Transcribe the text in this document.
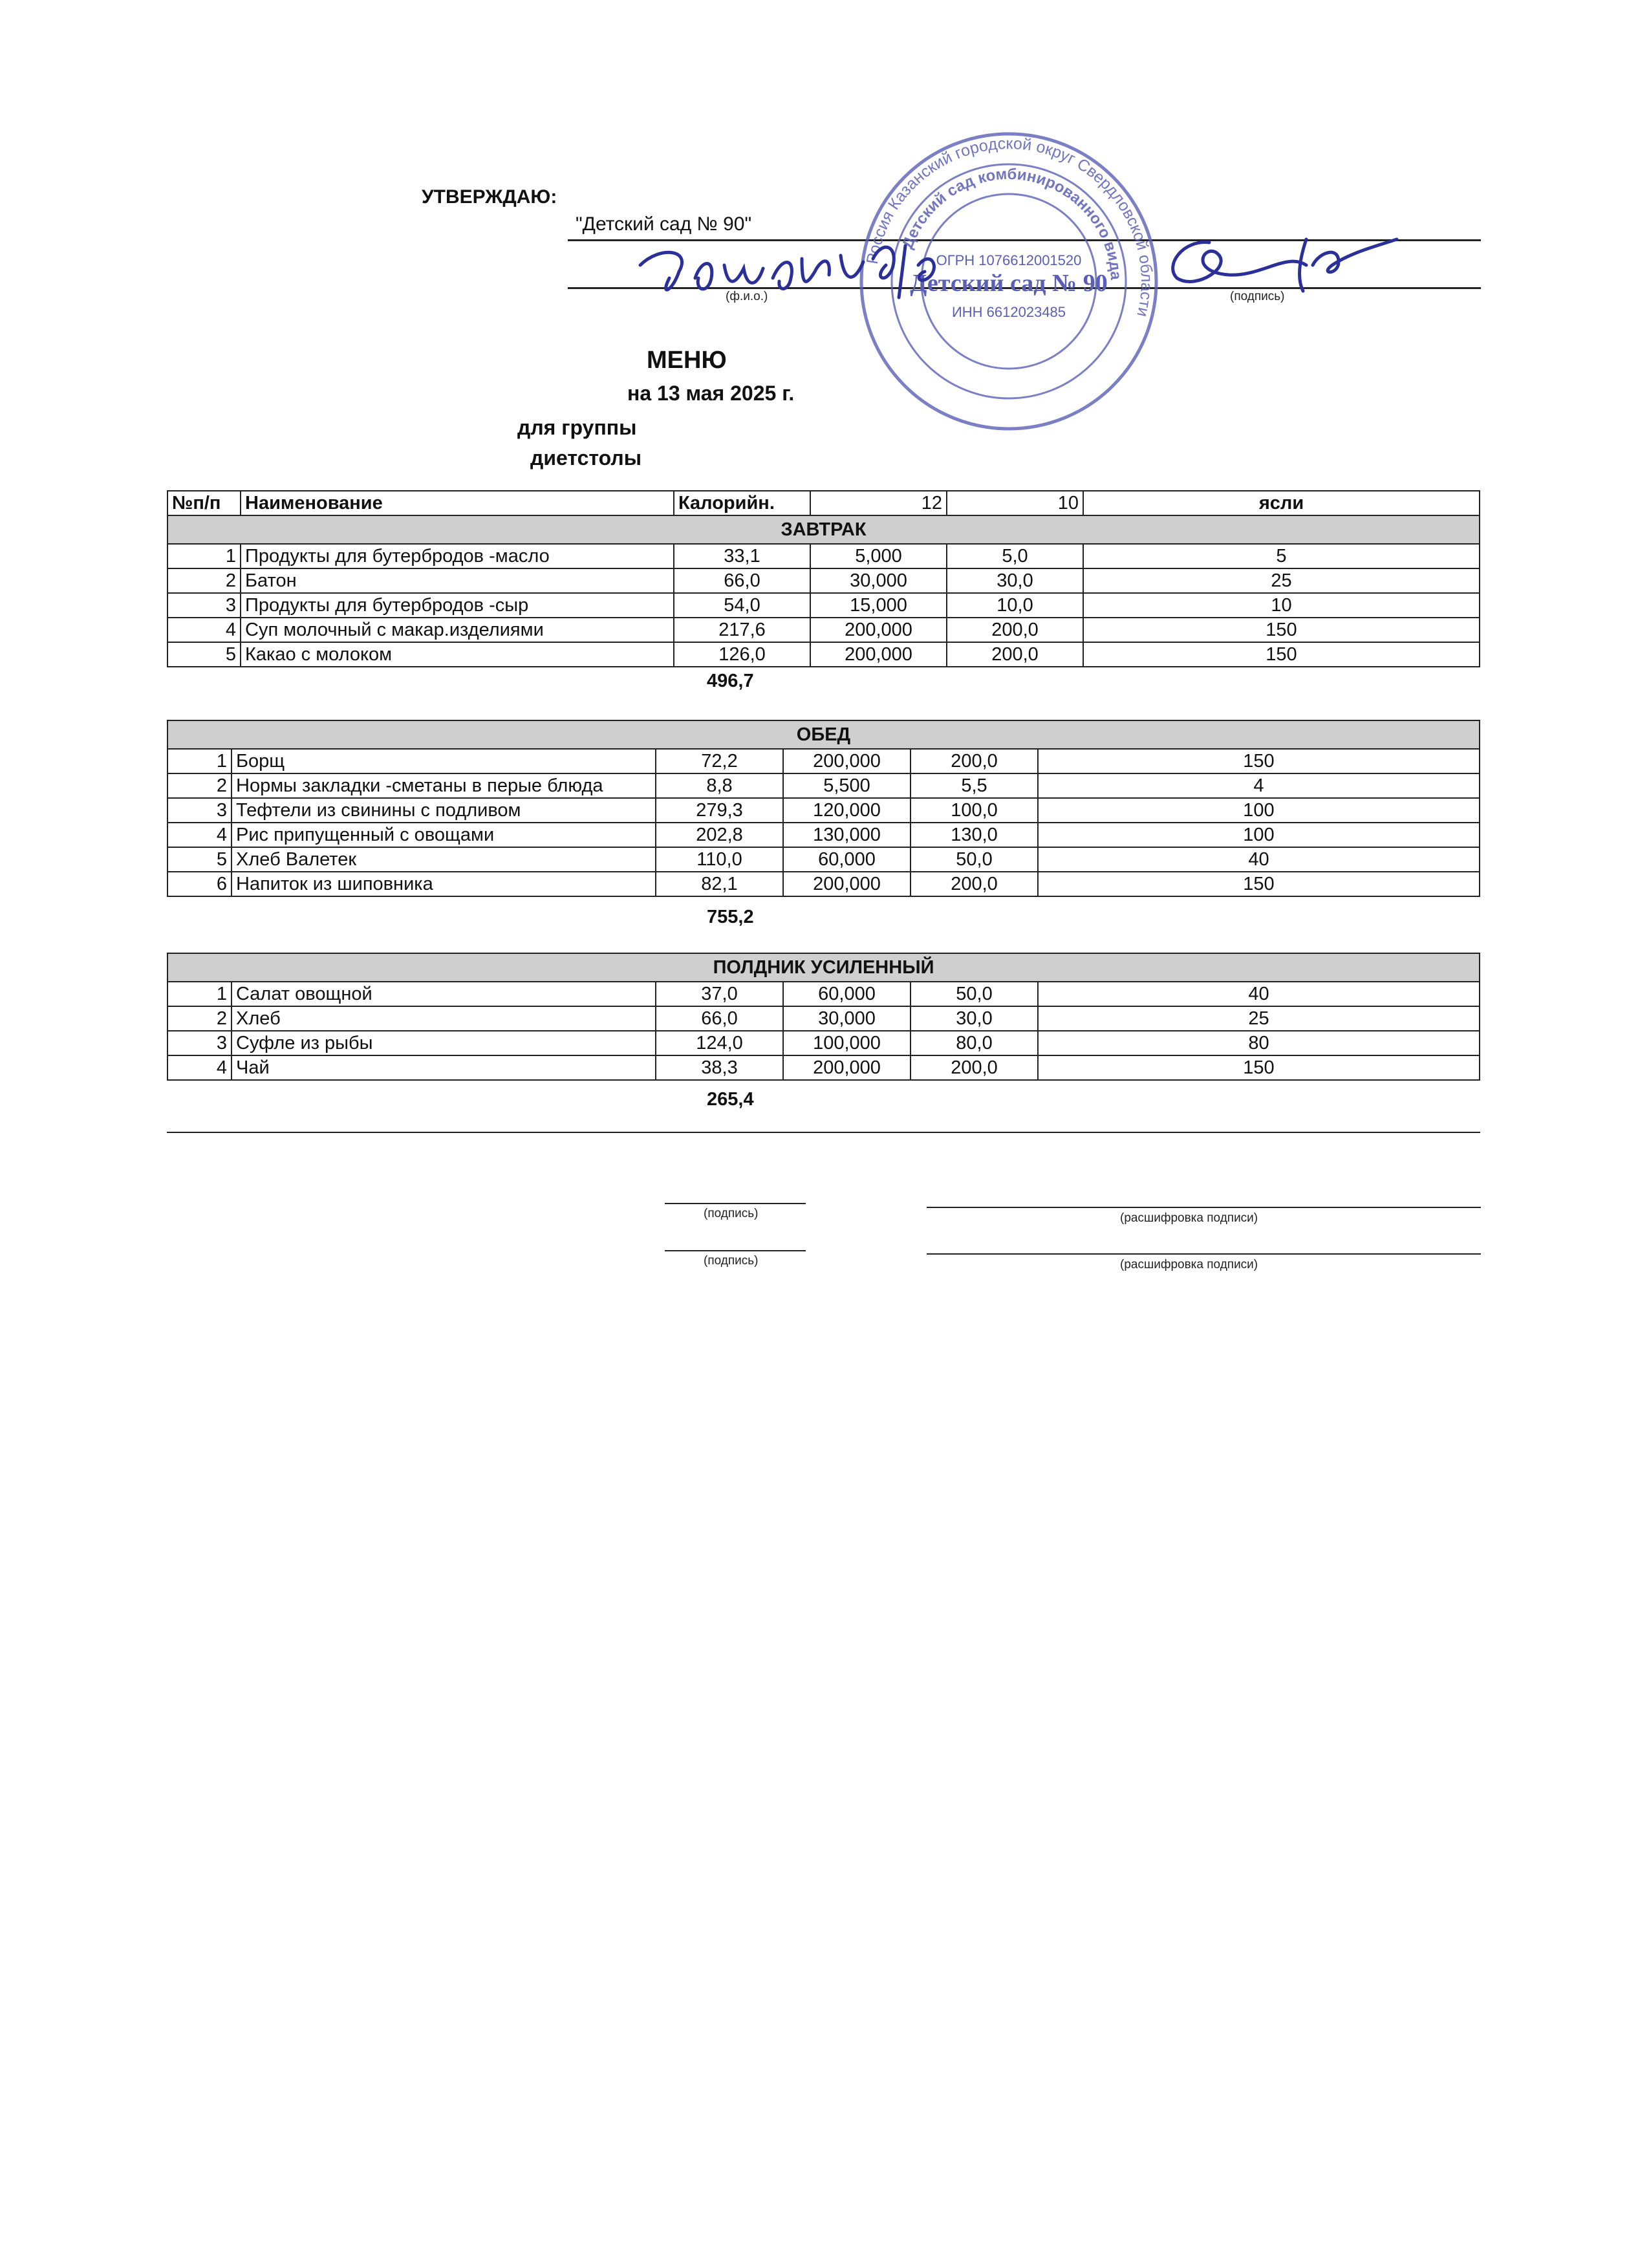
УТВЕРЖДАЮ:
"Детский сад № 90"
(ф.и.о.)	(подпись)
Россия Казанский городской округ Свердловской области
Детский сад комбинированного вида
ОГРН 1076612001520
Детский сад № 90
ИНН 6612023485
МЕНЮ
на 13 мая 2025 г.
для группы
диетстолы
№п/п	Наименование	Калорийн.	12	10	ясли
ЗАВТРАК					
1	Продукты для бутербродов -масло	33,1	5,000	5,0	5
2	Батон	66,0	30,000	30,0	25
3	Продукты для бутербродов -сыр	54,0	15,000	10,0	10
4	Суп молочный с макар.изделиями	217,6	200,000	200,0	150
5	Какао с молоком	126,0	200,000	200,0	150
496,7
ОБЕД					
1	Борщ	72,2	200,000	200,0	150
2	Нормы закладки -сметаны в перые блюда	8,8	5,500	5,5	4
3	Тефтели из свинины с подливом	279,3	120,000	100,0	100
4	Рис припущенный с овощами	202,8	130,000	130,0	100
5	Хлеб Валетек	110,0	60,000	50,0	40
6	Напиток из шиповника	82,1	200,000	200,0	150
755,2
ПОЛДНИК УСИЛЕННЫЙ					
1	Салат овощной	37,0	60,000	50,0	40
2	Хлеб	66,0	30,000	30,0	25
3	Суфле из рыбы	124,0	100,000	80,0	80
4	Чай	38,3	200,000	200,0	150
265,4
(подпись)	(расшифровка подписи)
(подпись)	(расшифровка подписи)
